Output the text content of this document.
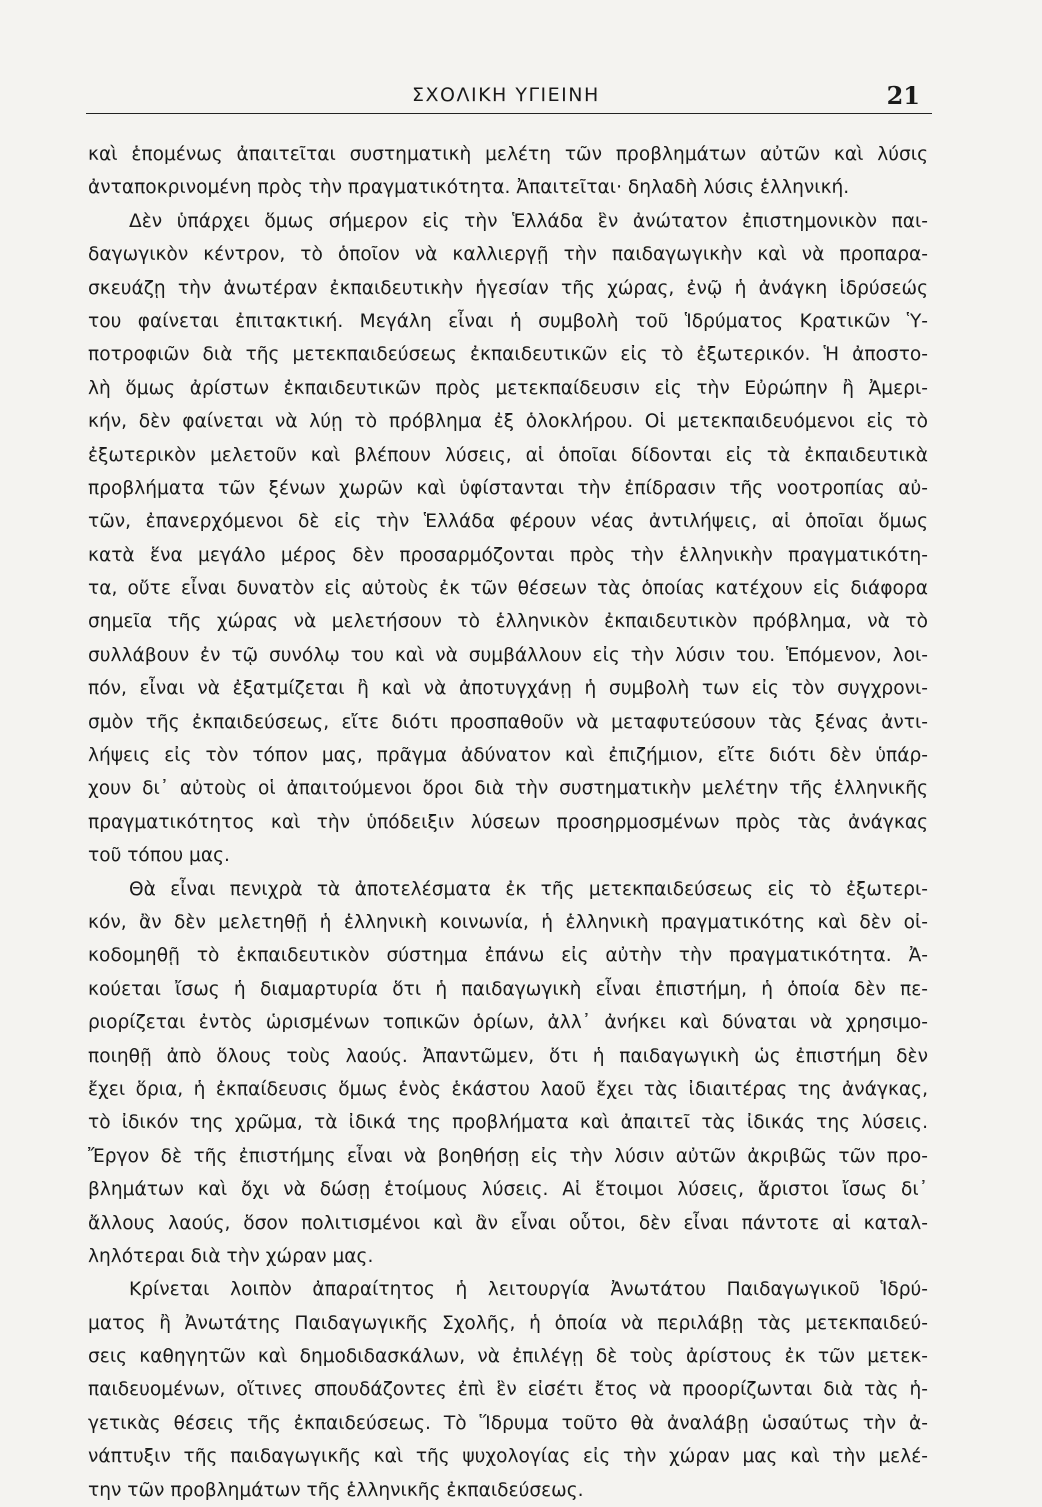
ΣΧΟΛΙΚΗ ΥΓΙΕΙΝΗ	21
καὶ ἑπομένως ἀπαιτεῖται συστηματικὴ μελέτη τῶν προβλημάτων αὐτῶν καὶ λύσις
ἀνταποκρινομένη πρὸς τὴν πραγματικότητα. Ἀπαιτεῖται· δηλαδὴ λύσις ἑλληνική.
Δὲν ὑπάρχει ὅμως σήμερον εἰς τὴν Ἑλλάδα ἓν ἀνώτατον ἐπιστημονικὸν παι-
δαγωγικὸν κέντρον, τὸ ὁποῖον νὰ καλλιεργῇ τὴν παιδαγωγικὴν καὶ νὰ προπαρα-
σκευάζῃ τὴν ἀνωτέραν ἐκπαιδευτικὴν ἡγεσίαν τῆς χώρας, ἐνῷ ἡ ἀνάγκη ἱδρύσεώς
του φαίνεται ἐπιτακτική. Μεγάλη εἶναι ἡ συμβολὴ τοῦ Ἱδρύματος Κρατικῶν Ὑ-
ποτροφιῶν διὰ τῆς μετεκπαιδεύσεως ἐκπαιδευτικῶν εἰς τὸ ἐξωτερικόν. Ἡ ἀποστο-
λὴ ὅμως ἀρίστων ἐκπαιδευτικῶν πρὸς μετεκπαίδευσιν εἰς τὴν Εὐρώπην ἢ Ἀμερι-
κήν, δὲν φαίνεται νὰ λύῃ τὸ πρόβλημα ἐξ ὁλοκλήρου. Οἱ μετεκπαιδευόμενοι εἰς τὸ
ἐξωτερικὸν μελετοῦν καὶ βλέπουν λύσεις, αἱ ὁποῖαι δίδονται εἰς τὰ ἐκπαιδευτικὰ
προβλήματα τῶν ξένων χωρῶν καὶ ὑφίστανται τὴν ἐπίδρασιν τῆς νοοτροπίας αὐ-
τῶν, ἐπανερχόμενοι δὲ εἰς τὴν Ἑλλάδα φέρουν νέας ἀντιλήψεις, αἱ ὁποῖαι ὅμως
κατὰ ἕνα μεγάλο μέρος δὲν προσαρμόζονται πρὸς τὴν ἑλληνικὴν πραγματικότη-
τα, οὔτε εἶναι δυνατὸν εἰς αὐτοὺς ἐκ τῶν θέσεων τὰς ὁποίας κατέχουν εἰς διάφορα
σημεῖα τῆς χώρας νὰ μελετήσουν τὸ ἑλληνικὸν ἐκπαιδευτικὸν πρόβλημα, νὰ τὸ
συλλάβουν ἐν τῷ συνόλῳ του καὶ νὰ συμβάλλουν εἰς τὴν λύσιν του. Ἑπόμενον, λοι-
πόν, εἶναι νὰ ἐξατμίζεται ἢ καὶ νὰ ἀποτυγχάνῃ ἡ συμβολὴ των εἰς τὸν συγχρονι-
σμὸν τῆς ἐκπαιδεύσεως, εἴτε διότι προσπαθοῦν νὰ μεταφυτεύσουν τὰς ξένας ἀντι-
λήψεις εἰς τὸν τόπον μας, πρᾶγμα ἀδύνατον καὶ ἐπιζήμιον, εἴτε διότι δὲν ὑπάρ-
χουν δι᾽ αὐτοὺς οἱ ἀπαιτούμενοι ὅροι διὰ τὴν συστηματικὴν μελέτην τῆς ἑλληνικῆς
πραγματικότητος καὶ τὴν ὑπόδειξιν λύσεων προσηρμοσμένων πρὸς τὰς ἀνάγκας
τοῦ τόπου μας.
Θὰ εἶναι πενιχρὰ τὰ ἀποτελέσματα ἐκ τῆς μετεκπαιδεύσεως εἰς τὸ ἐξωτερι-
κόν, ἂν δὲν μελετηθῇ ἡ ἑλληνικὴ κοινωνία, ἡ ἑλληνικὴ πραγματικότης καὶ δὲν οἰ-
κοδομηθῇ τὸ ἐκπαιδευτικὸν σύστημα ἐπάνω εἰς αὐτὴν τὴν πραγματικότητα. Ἀ-
κούεται ἴσως ἡ διαμαρτυρία ὅτι ἡ παιδαγωγικὴ εἶναι ἐπιστήμη, ἡ ὁποία δὲν πε-
ριορίζεται ἐντὸς ὡρισμένων τοπικῶν ὁρίων, ἀλλ᾽ ἀνήκει καὶ δύναται νὰ χρησιμο-
ποιηθῇ ἀπὸ ὅλους τοὺς λαούς. Ἀπαντῶμεν, ὅτι ἡ παιδαγωγικὴ ὡς ἐπιστήμη δὲν
ἔχει ὅρια, ἡ ἐκπαίδευσις ὅμως ἑνὸς ἑκάστου λαοῦ ἔχει τὰς ἰδιαιτέρας της ἀνάγκας,
τὸ ἰδικόν της χρῶμα, τὰ ἰδικά της προβλήματα καὶ ἀπαιτεῖ τὰς ἰδικάς της λύσεις.
Ἔργον δὲ τῆς ἐπιστήμης εἶναι νὰ βοηθήσῃ εἰς τὴν λύσιν αὐτῶν ἀκριβῶς τῶν προ-
βλημάτων καὶ ὄχι νὰ δώσῃ ἑτοίμους λύσεις. Αἱ ἕτοιμοι λύσεις, ἄριστοι ἴσως δι᾽
ἄλλους λαούς, ὅσον πολιτισμένοι καὶ ἂν εἶναι οὗτοι, δὲν εἶναι πάντοτε αἱ καταλ-
ληλότεραι διὰ τὴν χώραν μας.
Κρίνεται λοιπὸν ἀπαραίτητος ἡ λειτουργία Ἀνωτάτου Παιδαγωγικοῦ Ἱδρύ-
ματος ἢ Ἀνωτάτης Παιδαγωγικῆς Σχολῆς, ἡ ὁποία νὰ περιλάβῃ τὰς μετεκπαιδεύ-
σεις καθηγητῶν καὶ δημοδιδασκάλων, νὰ ἐπιλέγῃ δὲ τοὺς ἀρίστους ἐκ τῶν μετεκ-
παιδευομένων, οἵτινες σπουδάζοντες ἐπὶ ἓν εἰσέτι ἔτος νὰ προορίζωνται διὰ τὰς ἡ-
γετικὰς θέσεις τῆς ἐκπαιδεύσεως. Τὸ Ἵδρυμα τοῦτο θὰ ἀναλάβῃ ὡσαύτως τὴν ἀ-
νάπτυξιν τῆς παιδαγωγικῆς καὶ τῆς ψυχολογίας εἰς τὴν χώραν μας καὶ τὴν μελέ-
την τῶν προβλημάτων τῆς ἑλληνικῆς ἐκπαιδεύσεως.
